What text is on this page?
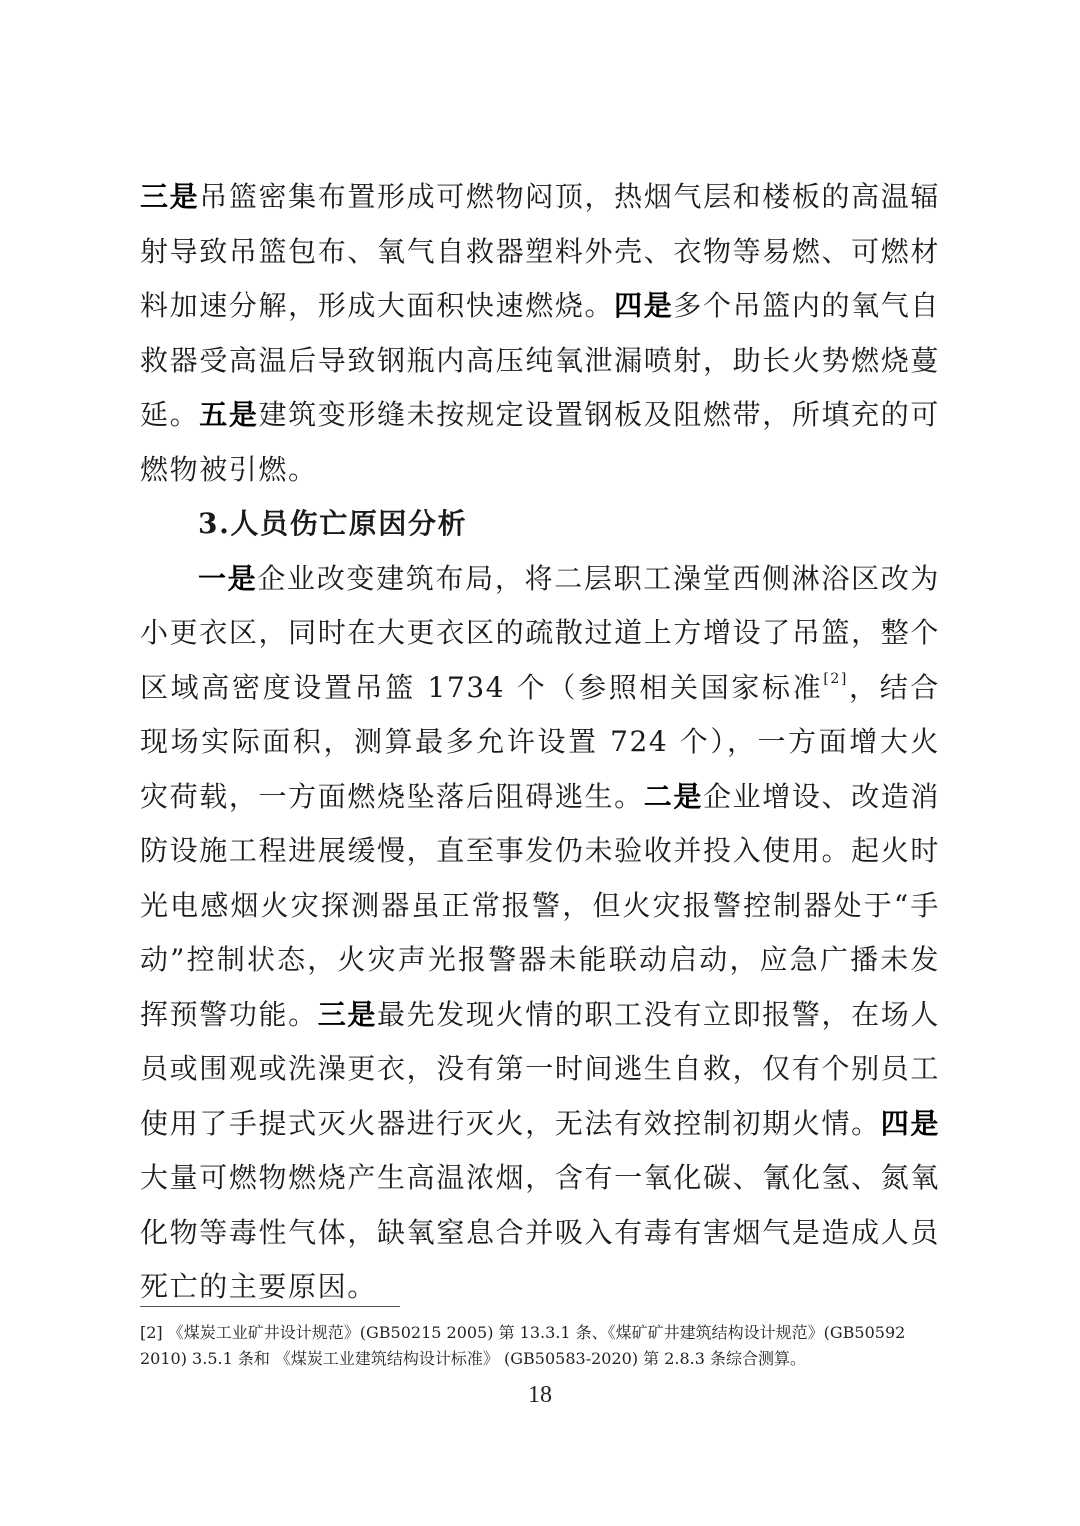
三是吊篮密集布置形成可燃物闷顶，热烟气层和楼板的高温辐射导致吊篮包布、氧气自救器塑料外壳、衣物等易燃、可燃材料加速分解，形成大面积快速燃烧。四是多个吊篮内的氧气自救器受高温后导致钢瓶内高压纯氧泄漏喷射，助长火势燃烧蔓延。五是建筑变形缝未按规定设置钢板及阻燃带，所填充的可燃物被引燃。

3.人员伤亡原因分析

一是企业改变建筑布局，将二层职工澡堂西侧淋浴区改为小更衣区，同时在大更衣区的疏散过道上方增设了吊篮，整个区域高密度设置吊篮 1734 个（参照相关国家标准[2]，结合现场实际面积，测算最多允许设置 724 个），一方面增大火灾荷载，一方面燃烧坠落后阻碍逃生。二是企业增设、改造消防设施工程进展缓慢，直至事发仍未验收并投入使用。起火时光电感烟火灾探测器虽正常报警，但火灾报警控制器处于“手动”控制状态，火灾声光报警器未能联动启动，应急广播未发挥预警功能。三是最先发现火情的职工没有立即报警，在场人员或围观或洗澡更衣，没有第一时间逃生自救，仅有个别员工使用了手提式灭火器进行灭火，无法有效控制初期火情。四是大量可燃物燃烧产生高温浓烟，含有一氧化碳、氰化氢、氮氧化物等毒性气体，缺氧窒息合并吸入有毒有害烟气是造成人员死亡的主要原因。

[2] 《煤炭工业矿井设计规范》(GB50215 2005) 第 13.3.1 条、《煤矿矿井建筑结构设计规范》(GB50592 2010) 3.5.1 条和 《煤炭工业建筑结构设计标准》 (GB50583-2020) 第 2.8.3 条综合测算。

18
